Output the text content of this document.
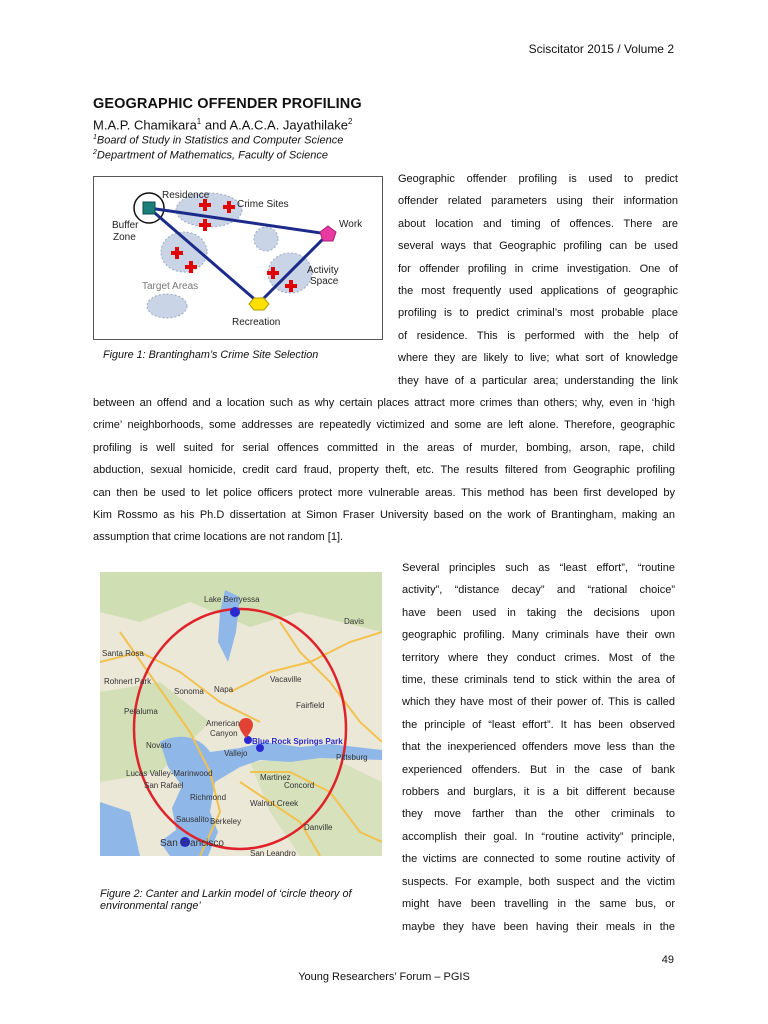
Sciscitator 2015 / Volume 2
GEOGRAPHIC OFFENDER PROFILING
M.A.P. Chamikara$^1$ and A.A.C.A. Jayathilake$^2$
$^1$Board of Study in Statistics and Computer Science
$^2$Department of Mathematics, Faculty of Science
Residence
Crime Sites
Work
Buffer
Zone
Activity
Space
Target Areas
Recreation
Figure 1: Brantingham’s Crime Site Selection
Geographic offender profiling is used to predict
offender related parameters using their information
about location and timing of offences. There are
several ways that Geographic profiling can be used
for offender profiling in crime investigation. One of
the most frequently used applications of geographic
profiling is to predict criminal’s most probable place
of residence. This is performed with the help of
where they are likely to live; what sort of knowledge
they have of a particular area; understanding the link
between an offend and a location such as why certain places attract more crimes than others; why, even in ‘high
crime’ neighborhoods, some addresses are repeatedly victimized and some are left alone. Therefore, geographic
profiling is well suited for serial offences committed in the areas of murder, bombing, arson, rape, child
abduction, sexual homicide, credit card fraud, property theft, etc. The results filtered from Geographic profiling
can then be used to let police officers protect more vulnerable areas. This method has been first developed by
Kim Rossmo as his Ph.D dissertation at Simon Fraser University based on the work of Brantingham, making an
assumption that crime locations are not random [1].
Lake Berryessa
Davis
Santa Rosa
Rohnert Park	Vacaville
Sonoma Napa
Fairfield
Petaluma
American
Canyon
Blue Rock Springs Park
Novato
Vallejo	Pittsburg
Lucas Valley-Marinwood	Martinez
San Rafael	Concord
Richmond
Walnut Creek
Berkeley
Danville
Sausalito
San Francisco
San Leandro
Figure 2: Canter and Larkin model of ‘circle theory of
environmental range’
Several principles such as “least effort”, “routine
activity”, “distance decay” and “rational choice”
have been used in taking the decisions upon
geographic profiling. Many criminals have their own
territory where they conduct crimes. Most of the
time, these criminals tend to stick within the area of
which they have most of their power of. This is called
the principle of “least effort”. It has been observed
that the inexperienced offenders move less than the
experienced offenders. But in the case of bank
robbers and burglars, it is a bit different because
they move farther than the other criminals to
accomplish their goal. In “routine activity” principle,
the victims are connected to some routine activity of
suspects. For example, both suspect and the victim
might have been travelling in the same bus, or
maybe they have been having their meals in the
49
Young Researchers’ Forum – PGIS
